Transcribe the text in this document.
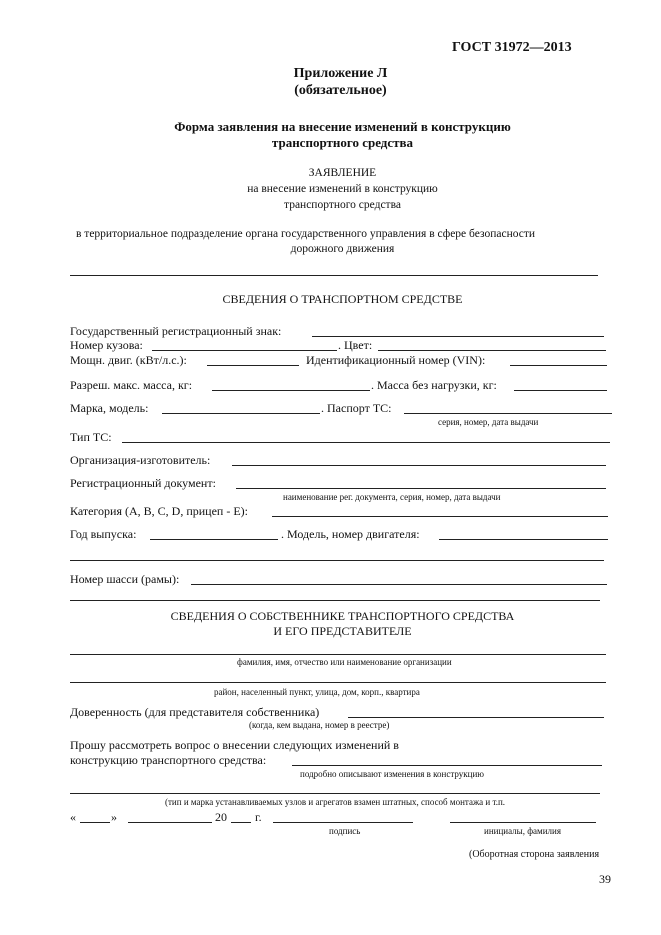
ГОСТ 31972—2013
Приложение Л
(обязательное)
Форма заявления на внесение изменений в конструкцию
транспортного средства
ЗАЯВЛЕНИЕ
на внесение изменений в конструкцию
транспортного средства
в территориальное подразделение органа государственного управления в сфере безопасности
дорожного движения
СВЕДЕНИЯ О ТРАНСПОРТНОМ СРЕДСТВЕ
Государственный регистрационный знак:
Номер кузова:	. Цвет:
Мощн. двиг. (кВт/л.с.):	Идентификационный номер (VIN):
Разреш. макс. масса, кг:	. Масса без нагрузки, кг:
Марка, модель:	. Паспорт ТС:
серия, номер, дата выдачи
Тип ТС:
Организация-изготовитель:
Регистрационный документ:
наименование рег. документа, серия, номер, дата выдачи
Категория (А, В, С, D, прицеп - Е):
Год выпуска:	. Модель, номер двигателя:
Номер шасси (рамы):
СВЕДЕНИЯ О СОБСТВЕННИКЕ ТРАНСПОРТНОГО СРЕДСТВА
И ЕГО ПРЕДСТАВИТЕЛЕ
фамилия, имя, отчество или наименование организации
район, населенный пункт, улица, дом, корп., квартира
Доверенность (для представителя собственника)
(когда, кем выдана, номер в реестре)
Прошу рассмотреть вопрос о внесении следующих изменений в
конструкцию транспортного средства:
подробно описывают изменения в конструкцию
(тип и марка устанавливаемых узлов и агрегатов взамен штатных, способ монтажа и т.п.
«	»	20 г.
подпись	инициалы, фамилия
(Оборотная сторона заявления
39
